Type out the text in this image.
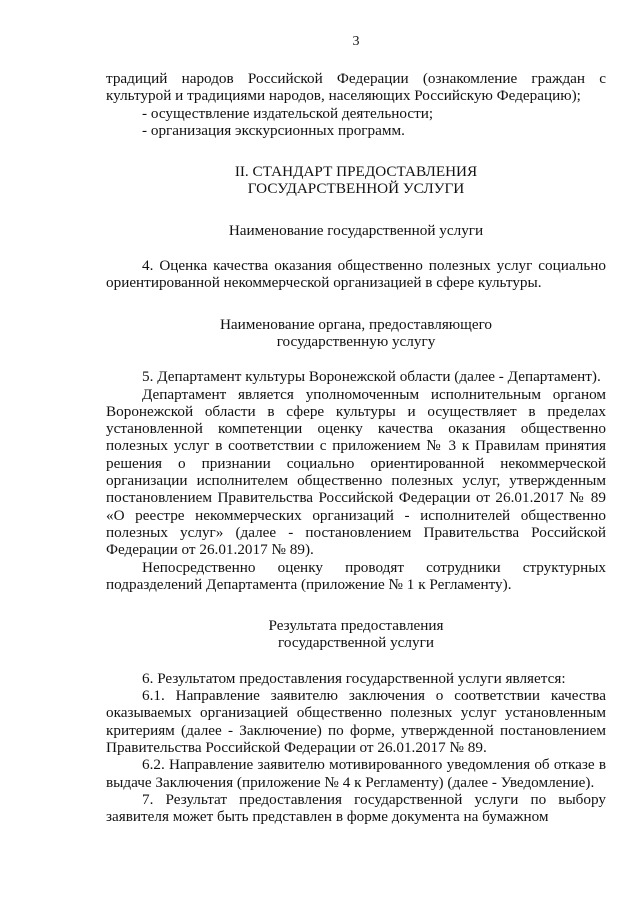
3

традиций народов Российской Федерации (ознакомление граждан с культурой и традициями народов, населяющих Российскую Федерацию);

- осуществление издательской деятельности;

- организация экскурсионных программ.

II. СТАНДАРТ ПРЕДОСТАВЛЕНИЯ
ГОСУДАРСТВЕННОЙ УСЛУГИ
Наименование государственной услуги

4. Оценка качества оказания общественно полезных услуг социально ориентированной некоммерческой организацией в сфере культуры.

Наименование органа, предоставляющего
государственную услугу

5. Департамент культуры Воронежской области (далее - Департамент).

Департамент является уполномоченным исполнительным органом Воронежской области в сфере культуры и осуществляет в пределах установленной компетенции оценку качества оказания общественно полезных услуг в соответствии с приложением № 3 к Правилам принятия решения о признании социально ориентированной некоммерческой организации исполнителем общественно полезных услуг, утвержденным постановлением Правительства Российской Федерации от 26.01.2017 № 89 «О реестре некоммерческих организаций - исполнителей общественно полезных услуг» (далее - постановлением Правительства Российской Федерации от 26.01.2017 № 89).

Непосредственно оценку проводят сотрудники структурных подразделений Департамента (приложение № 1 к Регламенту).

Результата предоставления
государственной услуги

6. Результатом предоставления государственной услуги является:

6.1. Направление заявителю заключения о соответствии качества оказываемых организацией общественно полезных услуг установленным критериям (далее - Заключение) по форме, утвержденной постановлением Правительства Российской Федерации от 26.01.2017 № 89.

6.2. Направление заявителю мотивированного уведомления об отказе в выдаче Заключения (приложение № 4 к Регламенту) (далее - Уведомление).

7. Результат предоставления государственной услуги по выбору заявителя может быть представлен в форме документа на бумажном
